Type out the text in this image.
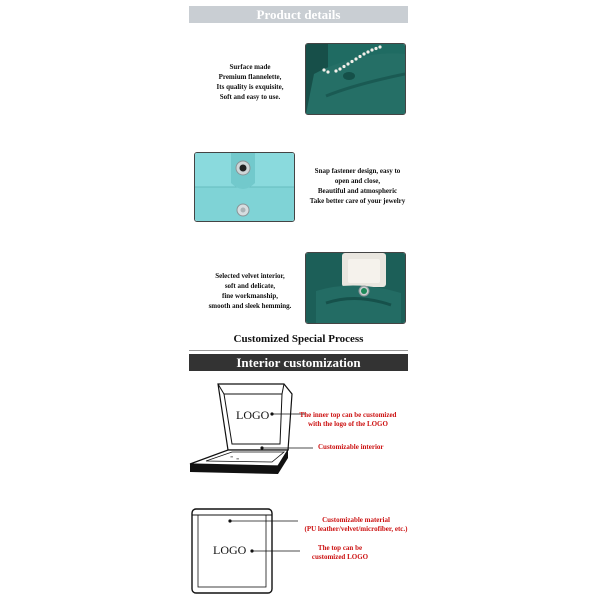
Product details
Surface made
Premium flannelette,
Its quality is exquisite,
Soft and easy to use.
Snap fastener design, easy to
open and close,
Beautiful and atmospheric
Take better care of your jewelry
Selected velvet interior,
soft and delicate,
fine workmanship,
smooth and sleek hemming.
Customized Special Process
Interior customization
≡ ≡
LOGO	The inner top can be customized
with the logo of the LOGO
Customizable interior
LOGO
Customizable material
(PU leather/velvet/microfiber, etc.)
The top can be
customized LOGO
